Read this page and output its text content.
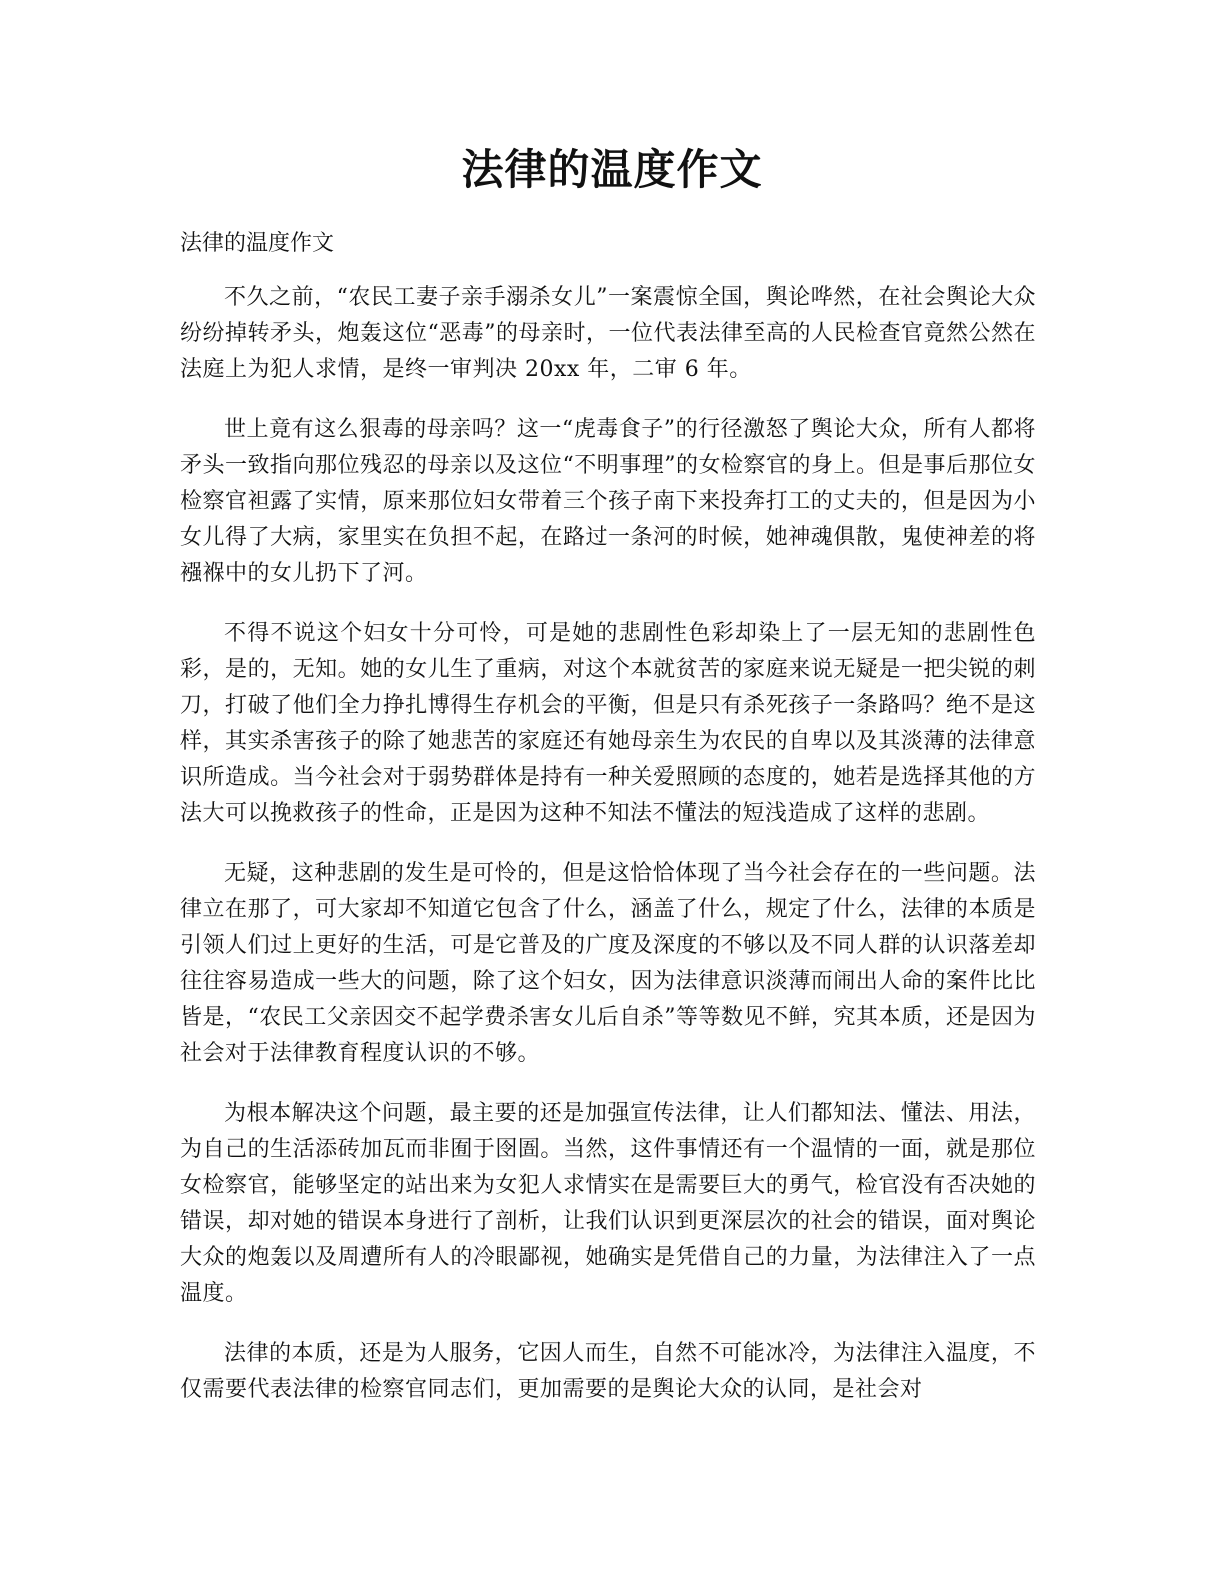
法律的温度作文

法律的温度作文

不久之前，“农民工妻子亲手溺杀女儿”一案震惊全国，舆论哗然，在社会舆论大众纷纷掉转矛头，炮轰这位“恶毒”的母亲时，一位代表法律至高的人民检查官竟然公然在法庭上为犯人求情，是终一审判决 20xx 年，二审 6 年。

世上竟有这么狠毒的母亲吗？这一“虎毒食子”的行径激怒了舆论大众，所有人都将矛头一致指向那位残忍的母亲以及这位“不明事理”的女检察官的身上。但是事后那位女检察官袒露了实情，原来那位妇女带着三个孩子南下来投奔打工的丈夫的，但是因为小女儿得了大病，家里实在负担不起，在路过一条河的时候，她神魂俱散，鬼使神差的将襁褓中的女儿扔下了河。

不得不说这个妇女十分可怜，可是她的悲剧性色彩却染上了一层无知的悲剧性色彩，是的，无知。她的女儿生了重病，对这个本就贫苦的家庭来说无疑是一把尖锐的刺刀，打破了他们全力挣扎博得生存机会的平衡，但是只有杀死孩子一条路吗？绝不是这样，其实杀害孩子的除了她悲苦的家庭还有她母亲生为农民的自卑以及其淡薄的法律意识所造成。当今社会对于弱势群体是持有一种关爱照顾的态度的，她若是选择其他的方法大可以挽救孩子的性命，正是因为这种不知法不懂法的短浅造成了这样的悲剧。

无疑，这种悲剧的发生是可怜的，但是这恰恰体现了当今社会存在的一些问题。法律立在那了，可大家却不知道它包含了什么，涵盖了什么，规定了什么，法律的本质是引领人们过上更好的生活，可是它普及的广度及深度的不够以及不同人群的认识落差却往往容易造成一些大的问题，除了这个妇女，因为法律意识淡薄而闹出人命的案件比比皆是，“农民工父亲因交不起学费杀害女儿后自杀”等等数见不鲜，究其本质，还是因为社会对于法律教育程度认识的不够。

为根本解决这个问题，最主要的还是加强宣传法律，让人们都知法、懂法、用法，为自己的生活添砖加瓦而非囿于囹圄。当然，这件事情还有一个温情的一面，就是那位女检察官，能够坚定的站出来为女犯人求情实在是需要巨大的勇气，检官没有否决她的错误，却对她的错误本身进行了剖析，让我们认识到更深层次的社会的错误，面对舆论大众的炮轰以及周遭所有人的冷眼鄙视，她确实是凭借自己的力量，为法律注入了一点温度。

法律的本质，还是为人服务，它因人而生，自然不可能冰冷，为法律注入温度，不仅需要代表法律的检察官同志们，更加需要的是舆论大众的认同，是社会对
